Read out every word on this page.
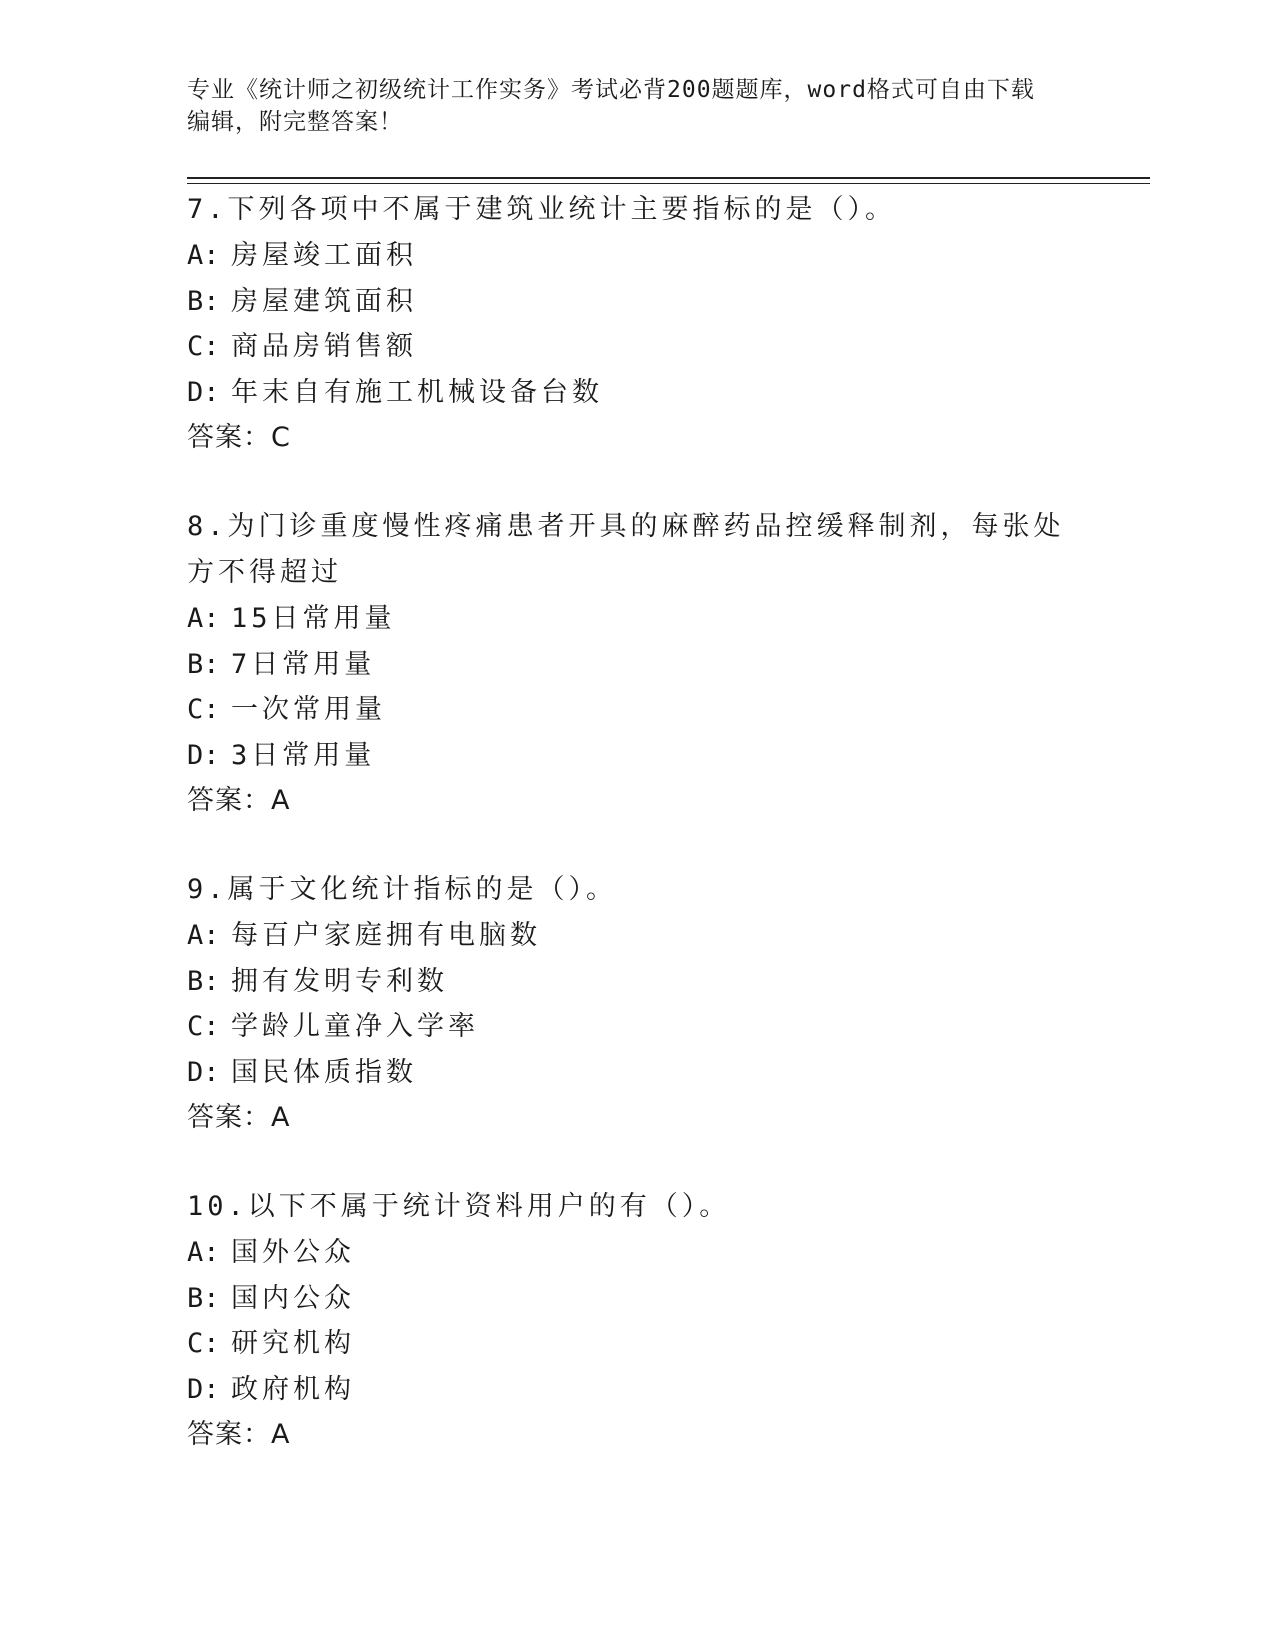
专业《统计师之初级统计工作实务》考试必背200题题库，word格式可自由下载
编辑，附完整答案！

7.下列各项中不属于建筑业统计主要指标的是（）。

A: 房屋竣工面积

B: 房屋建筑面积

C: 商品房销售额

D: 年末自有施工机械设备台数

答案：C

8.为门诊重度慢性疼痛患者开具的麻醉药品控缓释制剂，每张处方不得超过

A: 15日常用量

B: 7日常用量

C: 一次常用量

D: 3日常用量

答案：A

9.属于文化统计指标的是（）。

A: 每百户家庭拥有电脑数

B: 拥有发明专利数

C: 学龄儿童净入学率

D: 国民体质指数

答案：A

10.以下不属于统计资料用户的有（）。

A: 国外公众

B: 国内公众

C: 研究机构

D: 政府机构

答案：A
